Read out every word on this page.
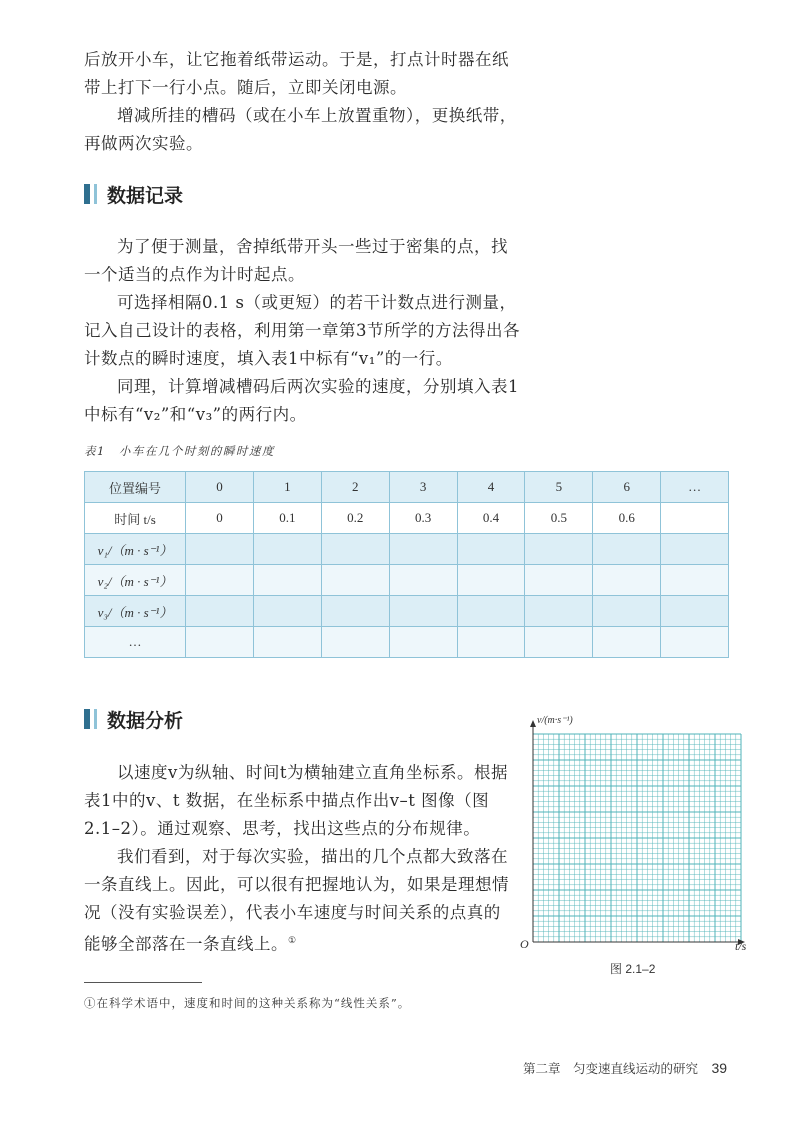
后放开小车，让它拖着纸带运动。于是，打点计时器在纸带上打下一行小点。随后，立即关闭电源。

增减所挂的槽码（或在小车上放置重物），更换纸带，再做两次实验。

数据记录

为了便于测量，舍掉纸带开头一些过于密集的点，找一个适当的点作为计时起点。

可选择相隔0.1 s（或更短）的若干计数点进行测量，记入自己设计的表格，利用第一章第3节所学的方法得出各计数点的瞬时速度，填入表1中标有“v₁”的一行。

同理，计算增减槽码后两次实验的速度，分别填入表1中标有“v₂”和“v₃”的两行内。

表1　小车在几个时刻的瞬时速度
位置编号	0	1	2	3	4	5	6	…
时间 t/s	0	0.1	0.2	0.3	0.4	0.5	0.6	
v₁/（m · s⁻¹）								
v₂/（m · s⁻¹）								
v₃/（m · s⁻¹）								
…								
数据分析

以速度v为纵轴、时间t为横轴建立直角坐标系。根据表1中的v、t 数据，在坐标系中描点作出v–t 图像（图2.1–2）。通过观察、思考，找出这些点的分布规律。

我们看到，对于每次实验，描出的几个点都大致落在一条直线上。因此，可以很有把握地认为，如果是理想情况（没有实验误差），代表小车速度与时间关系的点真的能够全部落在一条直线上。①

v/(m·s⁻¹)
t/s
O
图 2.1–2
①在科学术语中，速度和时间的这种关系称为“线性关系”。
第二章　匀变速直线运动的研究 39
